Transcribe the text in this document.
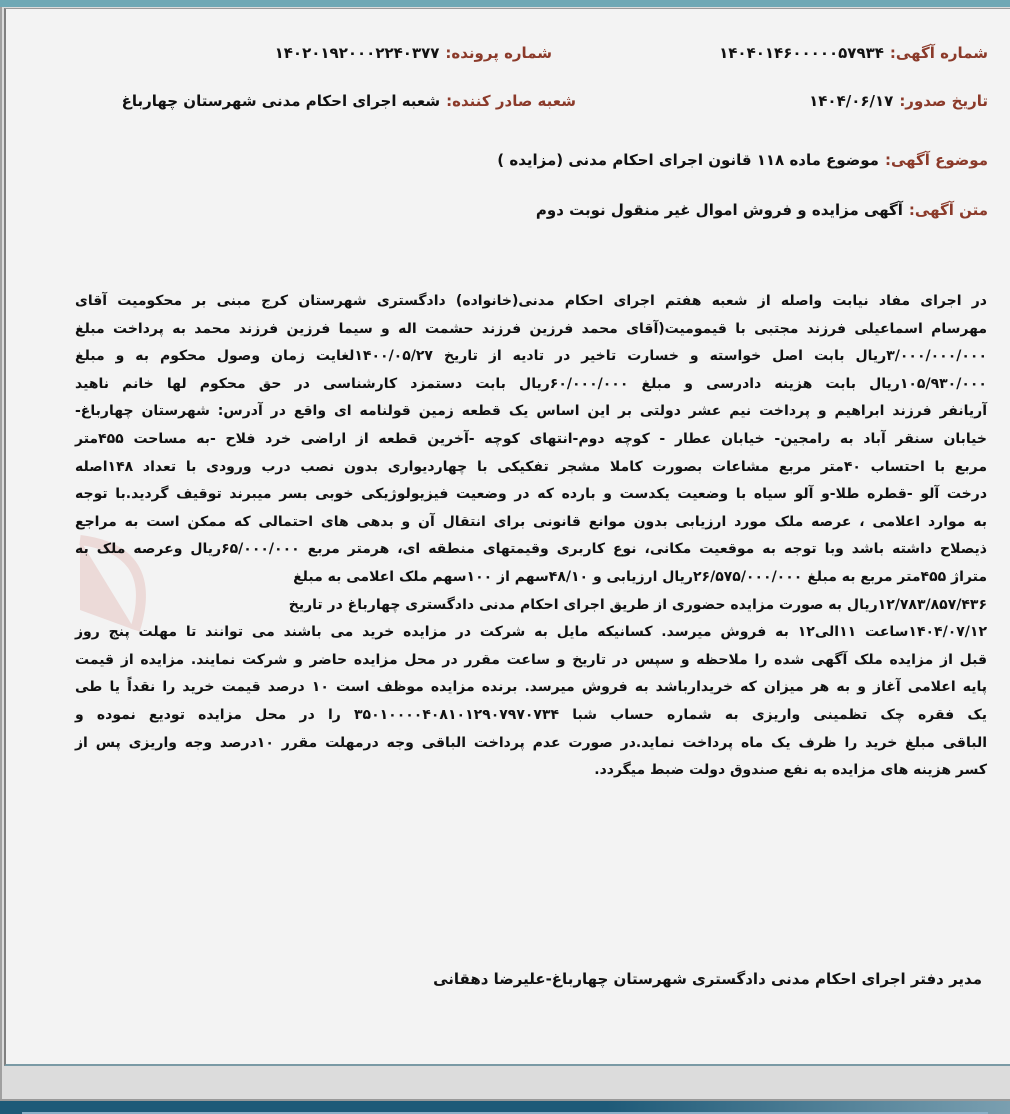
شماره آگهی:۱۴۰۴۰۱۴۶۰۰۰۰۰۵۷۹۳۴
شماره پرونده:۱۴۰۲۰۱۹۲۰۰۰۲۲۴۰۳۷۷
تاریخ صدور:۱۴۰۴/۰۶/۱۷
شعبه صادر کننده:شعبه اجرای احکام مدنی شهرستان چهارباغ
موضوع آگهی:موضوع ماده ۱۱۸ قانون اجرای احکام مدنی (مزایده )
متن آگهی:آگهی مزایده و فروش اموال غیر منقول نوبت دوم
در اجرای مفاد نیابت واصله از شعبه هفتم اجرای احکام مدنی(خانواده) دادگستری شهرستان کرج مبنی بر محکومیت آقای
مهرسام اسماعیلی فرزند مجتبی با قیمومیت(آقای محمد فرزین فرزند حشمت اله و سیما فرزین فرزند محمد به پرداخت مبلغ
۳/۰۰۰/۰۰۰/۰۰۰ریال بابت اصل خواسته و خسارت تاخیر در تادیه از تاریخ ۱۴۰۰/۰۵/۲۷لغایت زمان وصول محکوم به و مبلغ
۱۰۵/۹۳۰/۰۰۰ریال بابت هزینه دادرسی و مبلغ ۶۰/۰۰۰/۰۰۰ریال بابت دستمزد کارشناسی در حق محکوم لها خانم ناهید
آریانفر فرزند ابراهیم و پرداخت نیم عشر دولتی بر این اساس یک قطعه زمین قولنامه ای واقع در آدرس: شهرستان چهارباغ-
خیابان سنقر آباد به رامجین- خیابان عطار - کوچه دوم-انتهای کوچه -آخرین قطعه از اراضی خرد فلاح -به مساحت ۴۵۵متر
مربع با احتساب ۴۰متر مربع مشاعات بصورت کاملا مشجر تفکیکی با چهاردیواری بدون نصب درب ورودی با تعداد ۱۴۸اصله
درخت آلو -قطره طلا-و آلو سیاه با وضعیت یکدست و بارده که در وضعیت فیزیولوژیکی خوبی بسر میبرند توقیف گردید.با توجه
به موارد اعلامی ، عرصه ملک مورد ارزیابی بدون موانع قانونی برای انتقال آن و بدهی های احتمالی که ممکن است به مراجع
ذیصلاح داشته باشد وبا توجه به موقعیت مکانی، نوع کاربری وقیمتهای منطقه ای، هرمتر مربع ۶۵/۰۰۰/۰۰۰ریال وعرصه ملک به
متراژ ۴۵۵متر مربع به مبلغ ۲۶/۵۷۵/۰۰۰/۰۰۰ریال ارزیابی و ۴۸/۱۰سهم از ۱۰۰سهم ملک اعلامی به مبلغ
۱۲/۷۸۳/۸۵۷/۴۳۶ریال به صورت مزایده حضوری از طریق اجرای احکام مدنی دادگستری چهارباغ در تاریخ
۱۴۰۴/۰۷/۱۲ساعت ۱۱الی۱۲ به فروش میرسد. کسانیکه مایل به شرکت در مزایده خرید می باشند می توانند تا مهلت پنج روز
قبل از مزایده ملک آگهی شده را ملاحظه و سپس در تاریخ و ساعت مقرر در محل مزایده حاضر و شرکت نمایند. مزایده از قیمت
پایه اعلامی آغاز و به هر میزان که خریدارباشد به فروش میرسد. برنده مزایده موظف است ۱۰ درصد قیمت خرید را نقداً یا طی
یک فقره چک تظمینی واریزی به شماره حساب شبا ۳۵۰۱۰۰۰۰۴۰۸۱۰۱۲۹۰۷۹۷۰۷۳۴ را در محل مزایده تودیع نموده و
الباقی مبلغ خرید را ظرف یک ماه پرداخت نماید.در صورت عدم پرداخت الباقی وجه درمهلت مقرر ۱۰درصد وجه واریزی پس از
کسر هزینه های مزایده به نفع صندوق دولت ضبط میگردد.
مدیر دفتر اجرای احکام مدنی دادگستری شهرستان چهارباغ-علیرضا دهقانی
